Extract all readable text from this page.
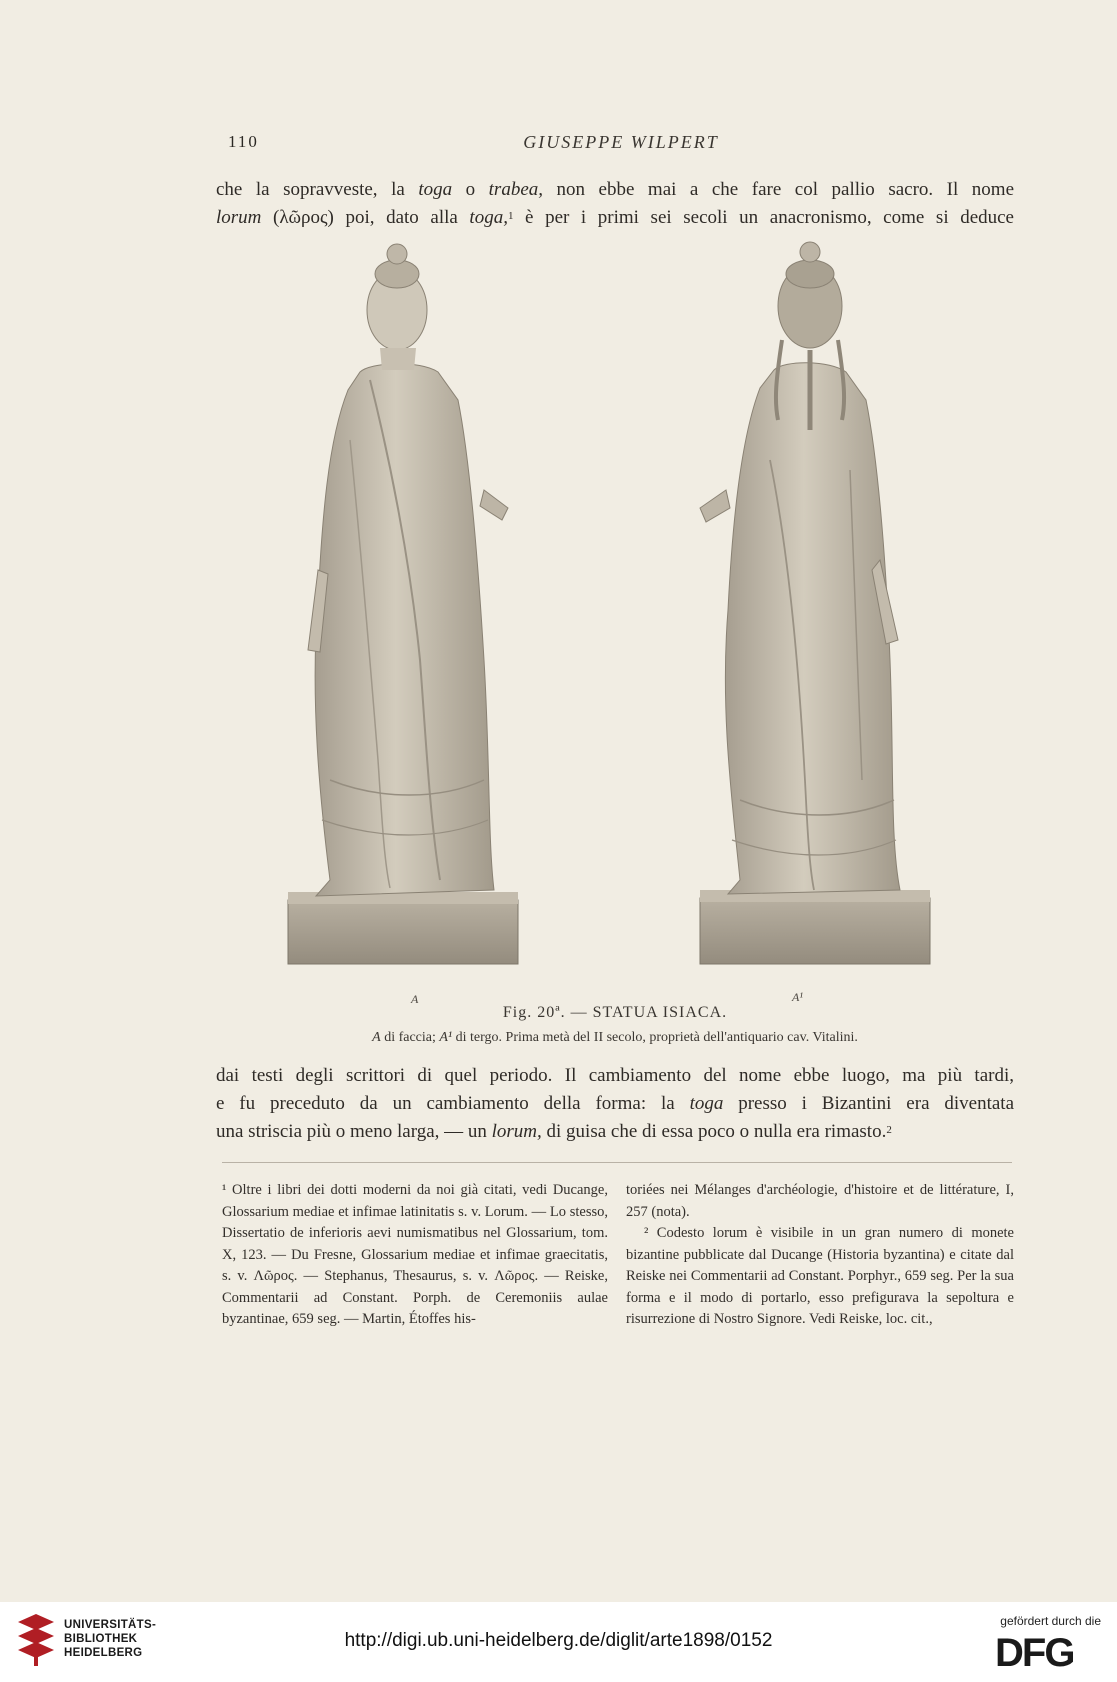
110	GIUSEPPE WILPERT

che la sopravveste, la toga o trabea, non ebbe mai a che fare col pallio sacro. Il nome

lorum (λῶρος) poi, dato alla toga,$^1$ è per i primi sei secoli un anacronismo, come si deduce

A	A¹
Fig. 20ª. — STATUA ISIACA.
A di faccia; A¹ di tergo. Prima metà del II secolo, proprietà dell'antiquario cav. Vitalini.

dai testi degli scrittori di quel periodo. Il cambiamento del nome ebbe luogo, ma più tardi,

e fu preceduto da un cambiamento della forma: la toga presso i Bizantini era diventata

una striscia più o meno larga, — un lorum, di guisa che di essa poco o nulla era rimasto.$^2$

¹ Oltre i libri dei dotti moderni da noi già citati, vedi Ducange, Glossarium mediae et infimae latinitatis s. v. Lorum. — Lo stesso, Dissertatio de inferioris aevi numismatibus nel Glossarium, tom. X, 123. — Du Fresne, Glossarium mediae et infimae graecitatis, s. v. Λῶρος. — Stephanus, Thesaurus, s. v. Λῶρος. — Reiske, Commentarii ad Constant. Porph. de Ceremoniis aulae byzantinae, 659 seg. — Martin, Étoffes his-

toriées nei Mélanges d'archéologie, d'histoire et de littérature, I, 257 (nota).

² Codesto lorum è visibile in un gran numero di monete bizantine pubblicate dal Ducange (Historia byzantina) e citate dal Reiske nei Commentarii ad Constant. Porphyr., 659 seg. Per la sua forma e il modo di portarlo, esso prefigurava la sepoltura e risurrezione di Nostro Signore. Vedi Reiske, loc. cit.,

UNIVERSITÄTS-
BIBLIOTHEK
HEIDELBERG
http://digi.ub.uni-heidelberg.de/diglit/arte1898/0152
gefördert durch die
DFG
